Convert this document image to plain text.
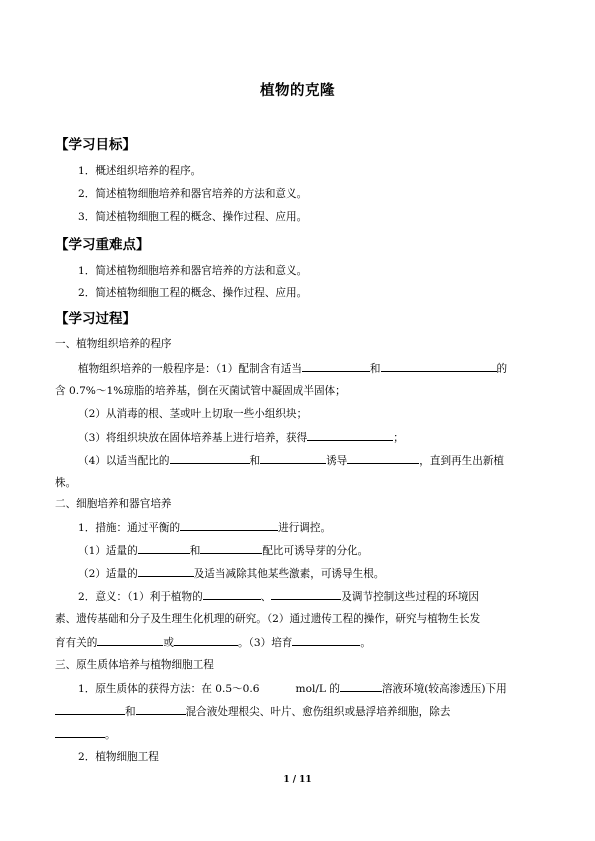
植物的克隆
【学习目标】
1．概述组织培养的程序。
2．简述植物细胞培养和器官培养的方法和意义。
3．简述植物细胞工程的概念、操作过程、应用。
【学习重难点】
1．简述植物细胞培养和器官培养的方法和意义。
2．简述植物细胞工程的概念、操作过程、应用。
【学习过程】
一、植物组织培养的程序
植物组织培养的一般程序是：（1）配制含有适当	和	的
含 0.7%～1%琼脂的培养基，倒在灭菌试管中凝固成半固体；
（2）从消毒的根、茎或叶上切取一些小组织块；
（3）将组织块放在固体培养基上进行培养，获得	；
（4）以适当配比的	和	诱导	，直到再生出新植
株。
二、细胞培养和器官培养
1．措施：通过平衡的	进行调控。
（1）适量的	和	配比可诱导芽的分化。
（2）适量的	及适当减除其他某些激素，可诱导生根。
2．意义：（1）利于植物的	、	及调节控制这些过程的环境因
素、遗传基础和分子及生理生化机理的研究。（2）通过遗传工程的操作，研究与植物生长发
育有关的	或	。（3）培育	。
三、原生质体培养与植物细胞工程
1．原生质体的获得方法：在 0.5～0.6	mol/L 的	溶液环境(较高渗透压)下用
和	混合液处理根尖、叶片、愈伤组织或悬浮培养细胞，除去
。
2．植物细胞工程
1 / 11
